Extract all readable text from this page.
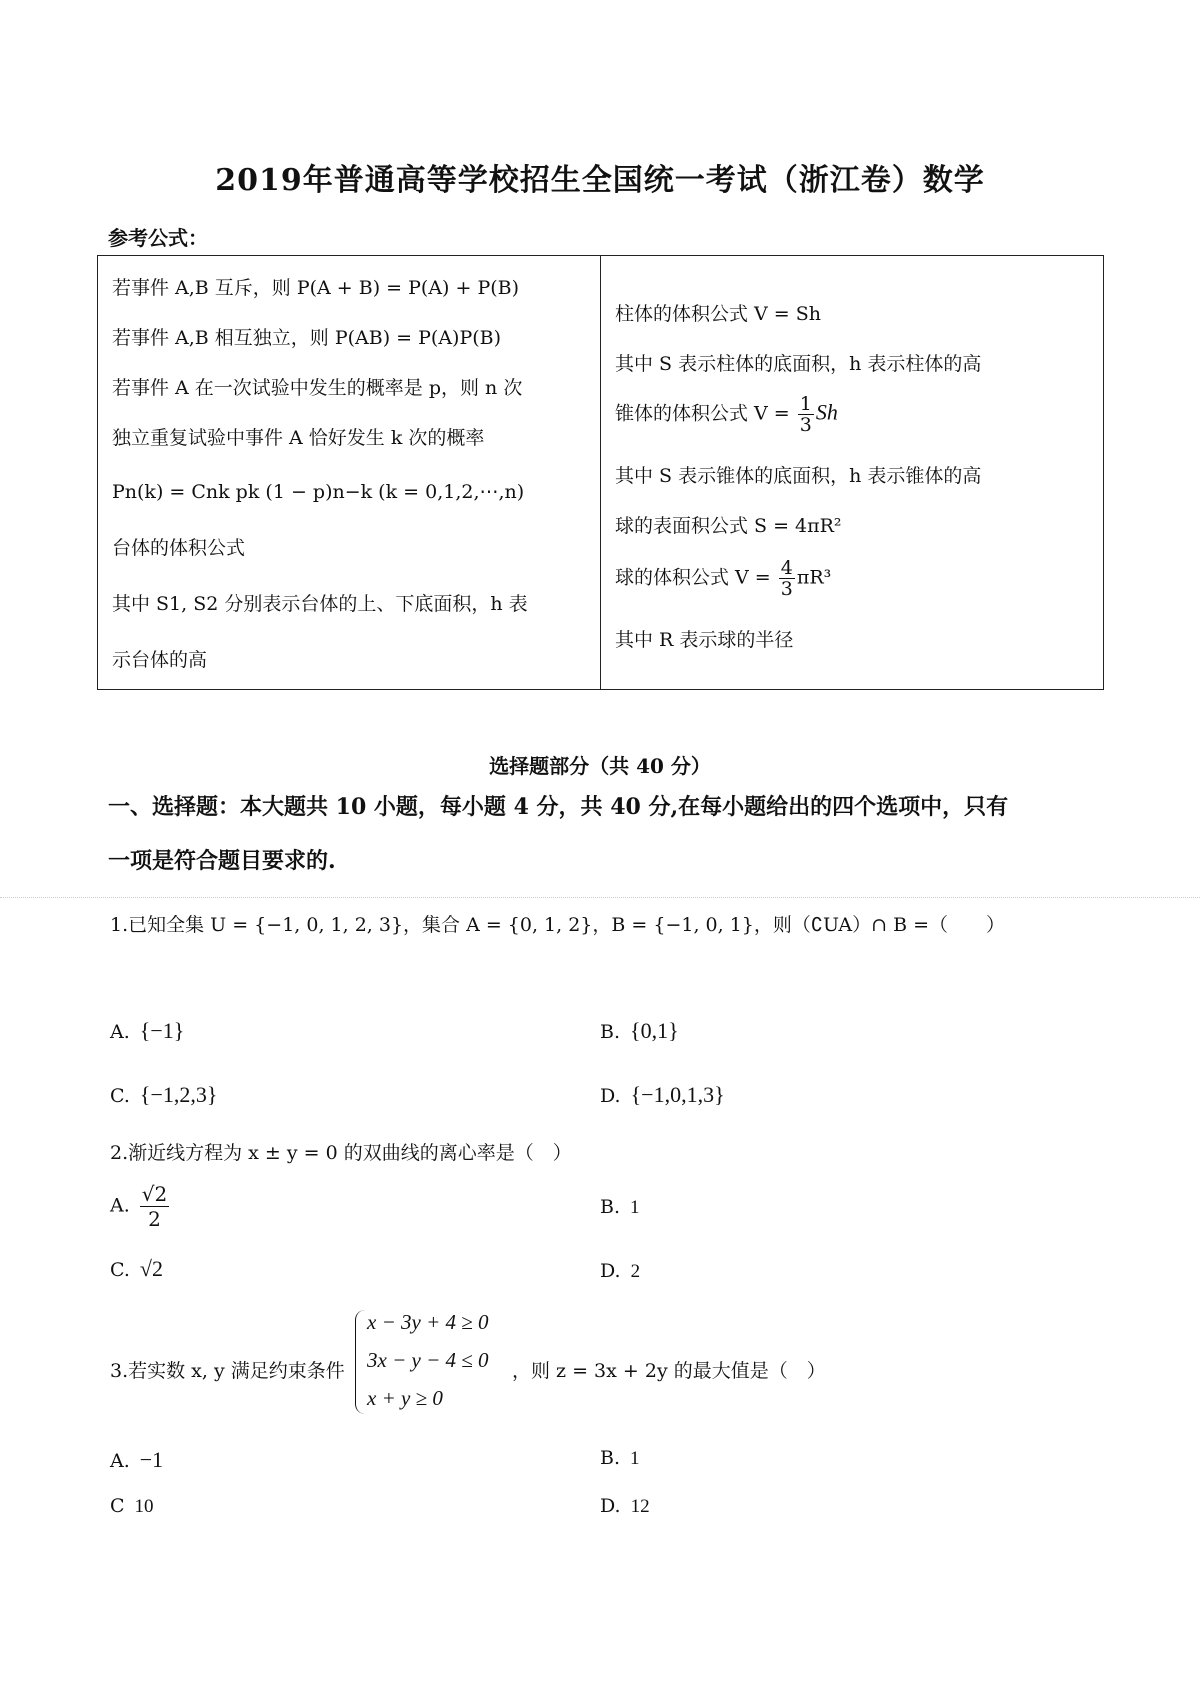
2019年普通高等学校招生全国统一考试（浙江卷）数学
参考公式：
若事件 A,B 互斥，则 P(A + B) = P(A) + P(B)
若事件 A,B 相互独立，则 P(AB) = P(A)P(B)
若事件 A 在一次试验中发生的概率是 p，则 n 次
独立重复试验中事件 A 恰好发生 k 次的概率
Pn(k) = Cnk pk (1 − p)n−k (k = 0,1,2,⋯,n)
台体的体积公式
其中 S1, S2 分别表示台体的上、下底面积，h 表
示台体的高
柱体的体积公式 V = Sh
其中 S 表示柱体的底面积，h 表示柱体的高
锥体的体积公式 $V = \frac{1}{3}$ Sh
其中 S 表示锥体的底面积，h 表示锥体的高
球的表面积公式 S = 4πR²
球的体积公式 $V = \frac{4}{3} \pi R^3$
其中 R 表示球的半径
选择题部分（共 40 分）
一、选择题：本大题共 10 小题，每小题 4 分，共 40 分,在每小题给出的四个选项中，只有
一项是符合题目要求的.
1.已知全集 U = {−1, 0, 1, 2, 3}，集合 A = {0, 1, 2}，B = {−1, 0, 1}，则（∁UA）∩ B =（　　）
A. {−1}	B. {0,1}
C. {−1,2,3}	D. {−1,0,1,3}
2.渐近线方程为 x ± y = 0 的双曲线的离心率是（　）
A. $\frac{√2}{2}$	B. 1
C. √2	D. 2
3.若实数 x, y 满足约束条件
x − 3y + 4 ≥ 0
3x − y − 4 ≤ 0
x + y ≥ 0
，则 z = 3x + 2y 的最大值是（　）
A. −1	B. 1
C 10	D. 12
